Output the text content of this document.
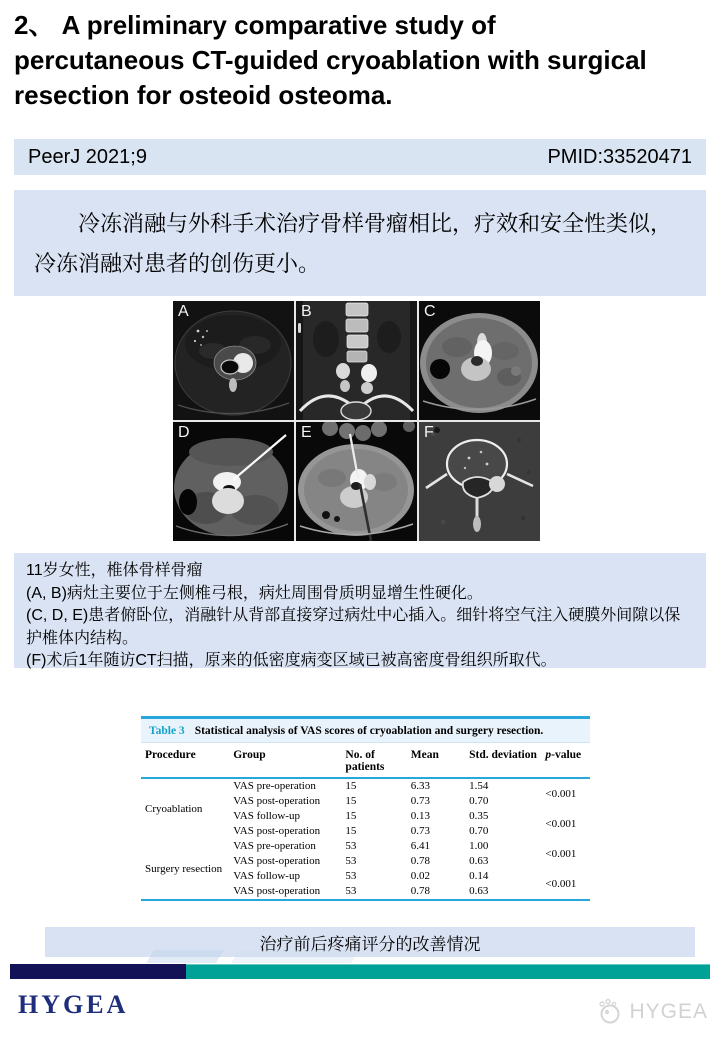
2、 A preliminary comparative study of
percutaneous CT-guided cryoablation with surgical
resection for osteoid osteoma.
PeerJ 2021;9	PMID:33520471

冷冻消融与外科手术治疗骨样骨瘤相比，疗效和安全性类似，冷冻消融对患者的创伤更小。

A	B	C
D	E	F
11岁女性，椎体骨样骨瘤
(A, B)病灶主要位于左侧椎弓根，病灶周围骨质明显增生性硬化。
(C, D, E)患者俯卧位，消融针从背部直接穿过病灶中心插入。细针将空气注入硬膜外间隙以保护椎体内结构。
(F)术后1年随访CT扫描，原来的低密度病变区域已被高密度骨组织所取代。
Table 3 Statistical analysis of VAS scores of cryoablation and surgery resection.
Procedure	Group	No. of patients	Mean	Std. deviation	p-value
Cryoablation	VAS pre-operation	15	6.33	1.54	<0.001
	VAS post-operation	15	0.73	0.70	
	VAS follow-up	15	0.13	0.35	<0.001
	VAS post-operation	15	0.73	0.70	
Surgery resection	VAS pre-operation	53	6.41	1.00	<0.001
	VAS post-operation	53	0.78	0.63	
	VAS follow-up	53	0.02	0.14	<0.001
	VAS post-operation	53	0.78	0.63	
治疗前后疼痛评分的改善情况
HYGEA	HYGEA
